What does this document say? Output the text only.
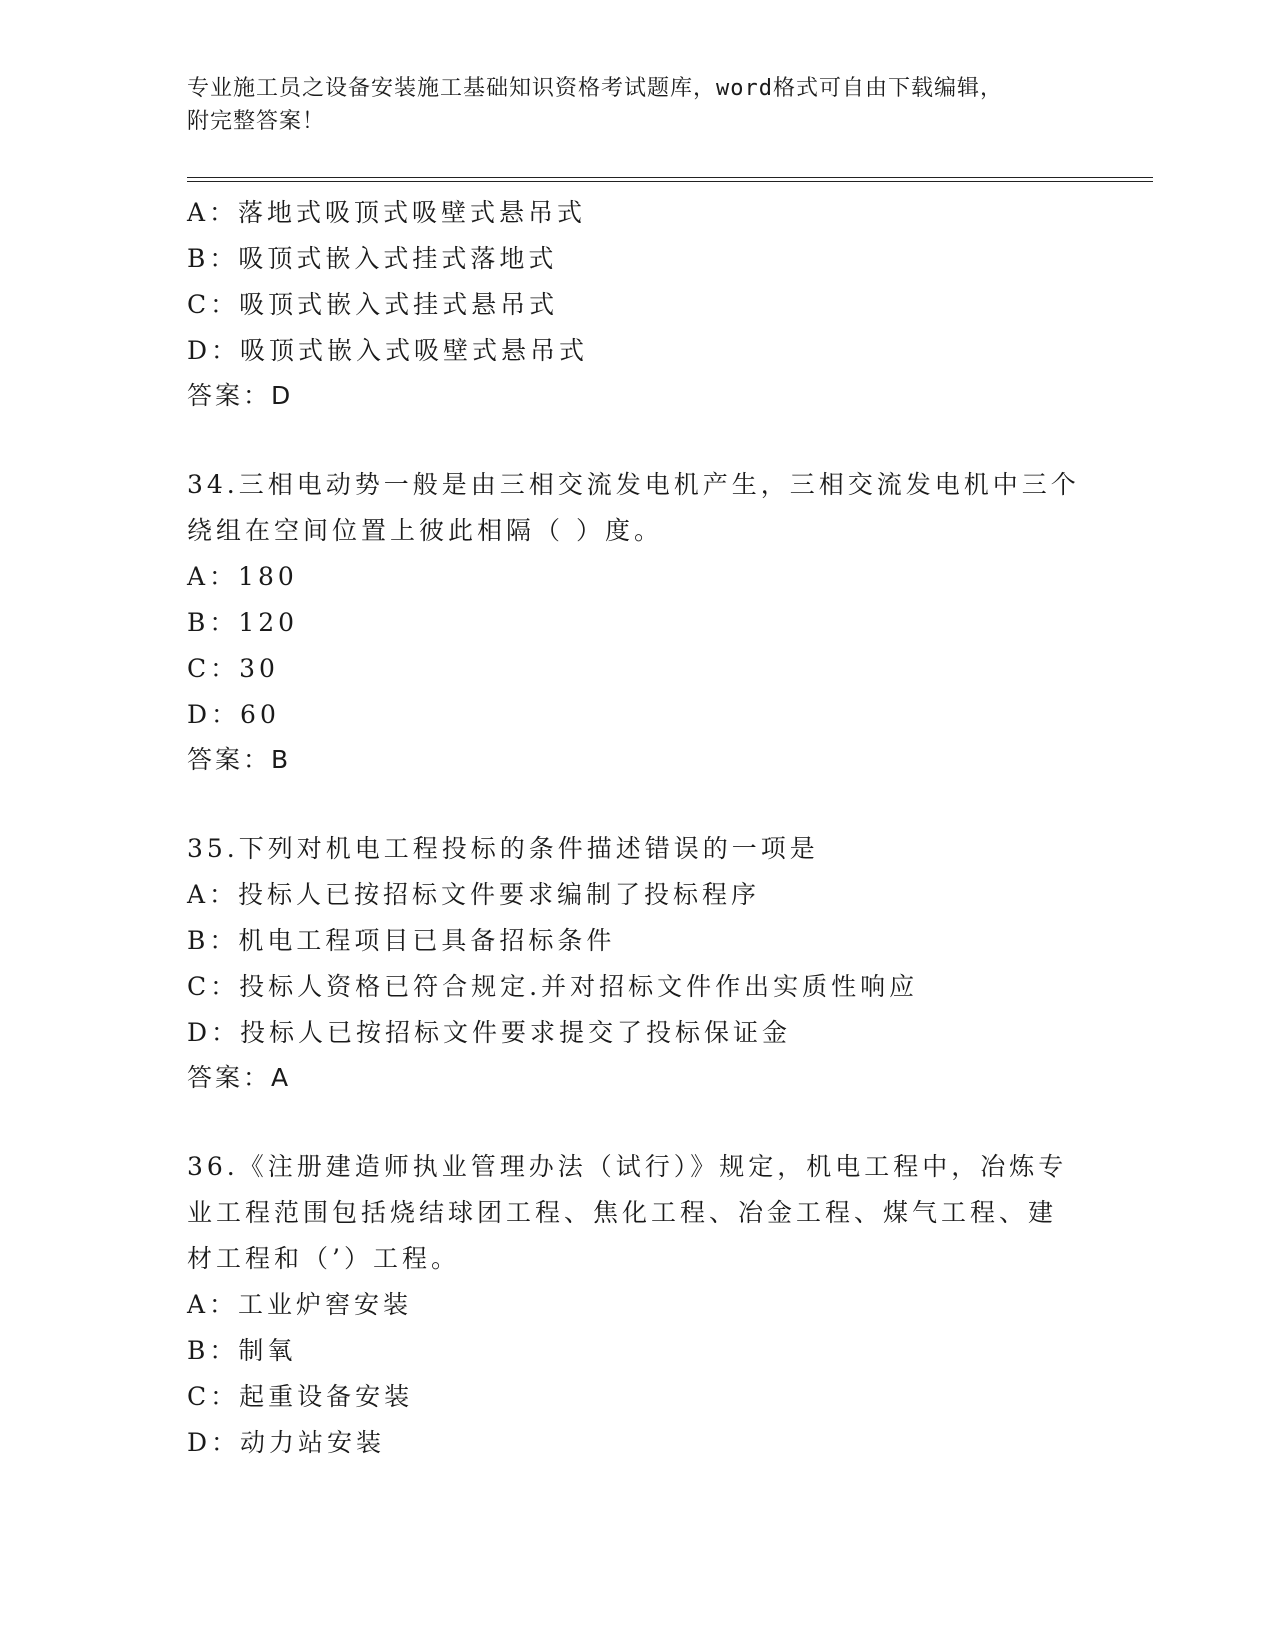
专业施工员之设备安装施工基础知识资格考试题库，word格式可自由下载编辑，
附完整答案！
A：落地式吸顶式吸壁式悬吊式
B：吸顶式嵌入式挂式落地式
C：吸顶式嵌入式挂式悬吊式
D：吸顶式嵌入式吸壁式悬吊式
答案：D
34.三相电动势一般是由三相交流发电机产生，三相交流发电机中三个
绕组在空间位置上彼此相隔（ ）度。
A：180
B：120
C：30
D：60
答案：B
35.下列对机电工程投标的条件描述错误的一项是
A：投标人已按招标文件要求编制了投标程序
B：机电工程项目已具备招标条件
C：投标人资格已符合规定.并对招标文件作出实质性响应
D：投标人已按招标文件要求提交了投标保证金
答案：A
36.《注册建造师执业管理办法（试行）》规定，机电工程中，冶炼专
业工程范围包括烧结球团工程、焦化工程、冶金工程、煤气工程、建
材工程和（’）工程。
A：工业炉窖安装
B：制氧
C：起重设备安装
D：动力站安装
